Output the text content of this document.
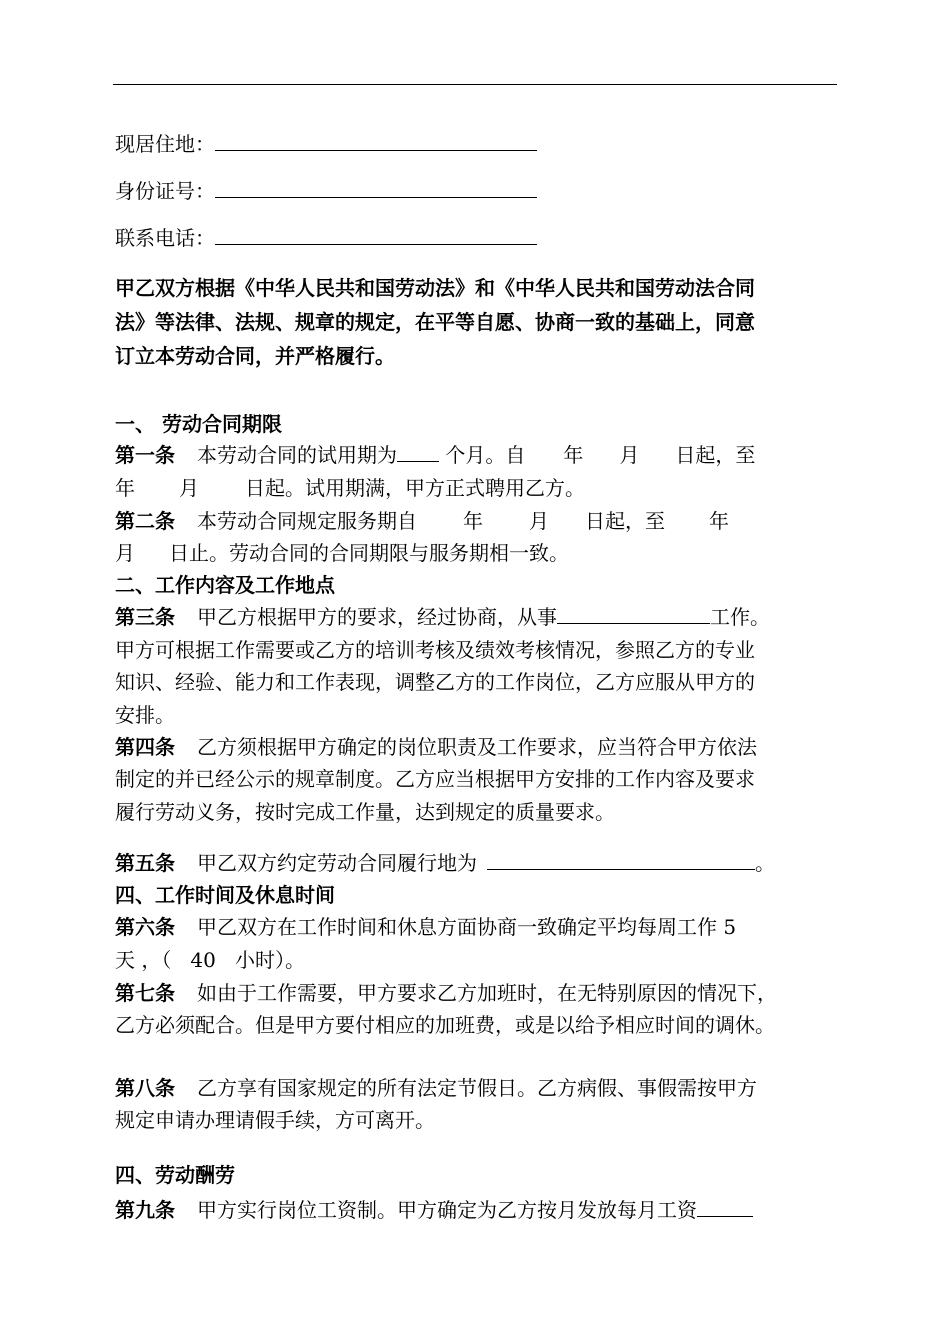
现居住地：
身份证号：
联系电话：
甲乙双方根据《中华人民共和国劳动法》和《中华人民共和国劳动法合同
法》等法律、法规、规章的规定，在平等自愿、协商一致的基础上，同意
订立本劳动合同，并严格履行。
一、 劳动合同期限
第一条 本劳动合同的试用期为 个月。自 年 月 日起，至
年 月 日起。试用期满，甲方正式聘用乙方。
第二条 本劳动合同规定服务期自 年 月 日起，至 年
月 日止。劳动合同的合同期限与服务期相一致。
二、工作内容及工作地点
第三条 甲乙方根据甲方的要求，经过协商，从事	工作。
甲方可根据工作需要或乙方的培训考核及绩效考核情况，参照乙方的专业
知识、经验、能力和工作表现，调整乙方的工作岗位，乙方应服从甲方的
安排。
第四条 乙方须根据甲方确定的岗位职责及工作要求，应当符合甲方依法
制定的并已经公示的规章制度。乙方应当根据甲方安排的工作内容及要求
履行劳动义务，按时完成工作量，达到规定的质量要求。
第五条 甲乙双方约定劳动合同履行地为	。
四、工作时间及休息时间
第六条 甲乙双方在工作时间和休息方面协商一致确定平均每周工作 5
天 ，（   40   小时）。
第七条 如由于工作需要，甲方要求乙方加班时，在无特别原因的情况下，
乙方必须配合。但是甲方要付相应的加班费，或是以给予相应时间的调休。
第八条 乙方享有国家规定的所有法定节假日。乙方病假、事假需按甲方
规定申请办理请假手续，方可离开。
四、劳动酬劳
第九条 甲方实行岗位工资制。甲方确定为乙方按月发放每月工资
